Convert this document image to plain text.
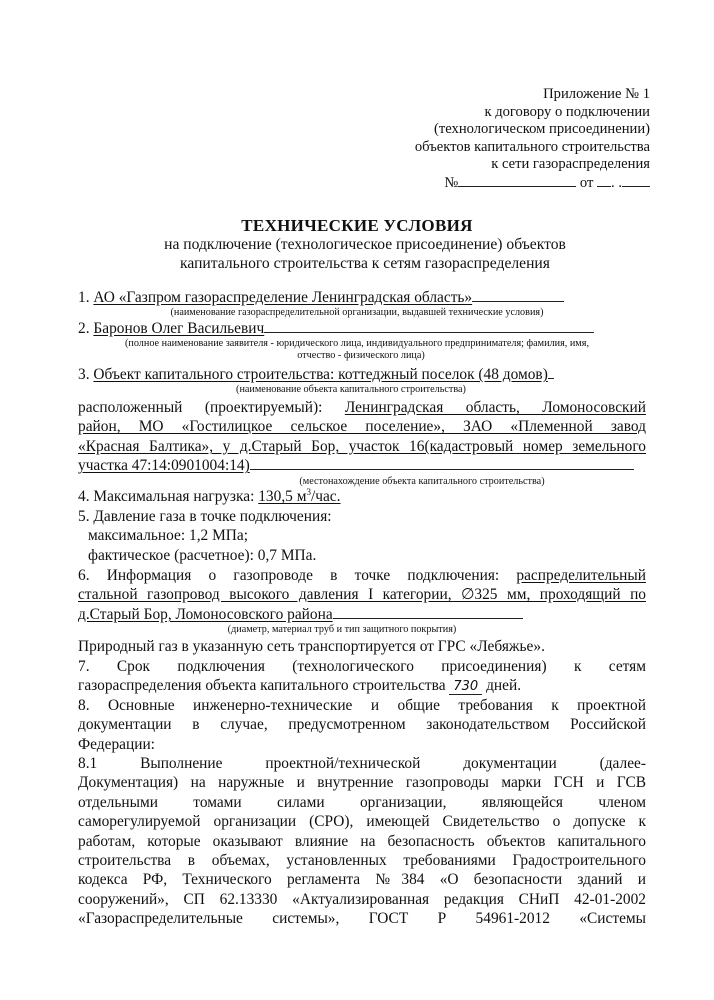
Приложение № 1
к договору о подключении
(технологическом присоединении)
объектов капитального строительства
к сети газораспределения
№	от . .
ТЕХНИЧЕСКИЕ УСЛОВИЯ
на подключение (технологическое присоединение) объектов
капитального строительства к сетям газораспределения
1. АО «Газпром газораспределение Ленинградская область»
(наименование газораспределительной организации, выдавшей технические условия)
2. Баронов Олег Васильевич
(полное наименование заявителя - юридического лица, индивидуального предпринимателя; фамилия, имя,
отчество - физического лица)
3. Объект капитального строительства: коттеджный поселок (48 домов)
(наименование объекта капитального строительства)
расположенный (проектируемый): Ленинградская область, Ломоносовский
район, МО «Гостилицкое сельское поселение», ЗАО «Племенной завод
«Красная Балтика», у д.Старый Бор, участок 16(кадастровый номер земельного
участка 47:14:0901004:14)
(местонахождение объекта капитального строительства)
4. Максимальная нагрузка: 130,5 $м^3$/час.
5. Давление газа в точке подключения:
максимальное: 1,2 МПа;
фактическое (расчетное): 0,7 МПа.
6. Информация о газопроводе в точке подключения: распределительный
стальной газопровод высокого давления I категории, ∅325 мм, проходящий по
д.Старый Бор, Ломоносовского района
(диаметр, материал труб и тип защитного покрытия)
Природный газ в указанную сеть транспортируется от ГРС «Лебяжье».
7. Срок подключения (технологического присоединения) к сетям
газораспределения объекта капитального строительства 730 дней.
8. Основные инженерно-технические и общие требования к проектной
документации в случае, предусмотренном законодательством Российской
Федерации:
8.1 Выполнение проектной/технической документации (далее-
Документация) на наружные и внутренние газопроводы марки ГСН и ГСВ
отдельными томами силами организации, являющейся членом
саморегулируемой организации (СРО), имеющей Свидетельство о допуске к
работам, которые оказывают влияние на безопасность объектов капитального
строительства в объемах, установленных требованиями Градостроительного
кодекса РФ, Технического регламента №384 «О безопасности зданий и
сооружений», СП 62.13330 «Актуализированная редакция СНиП 42-01-2002
«Газораспределительные системы», ГОСТ Р 54961-2012 «Системы
